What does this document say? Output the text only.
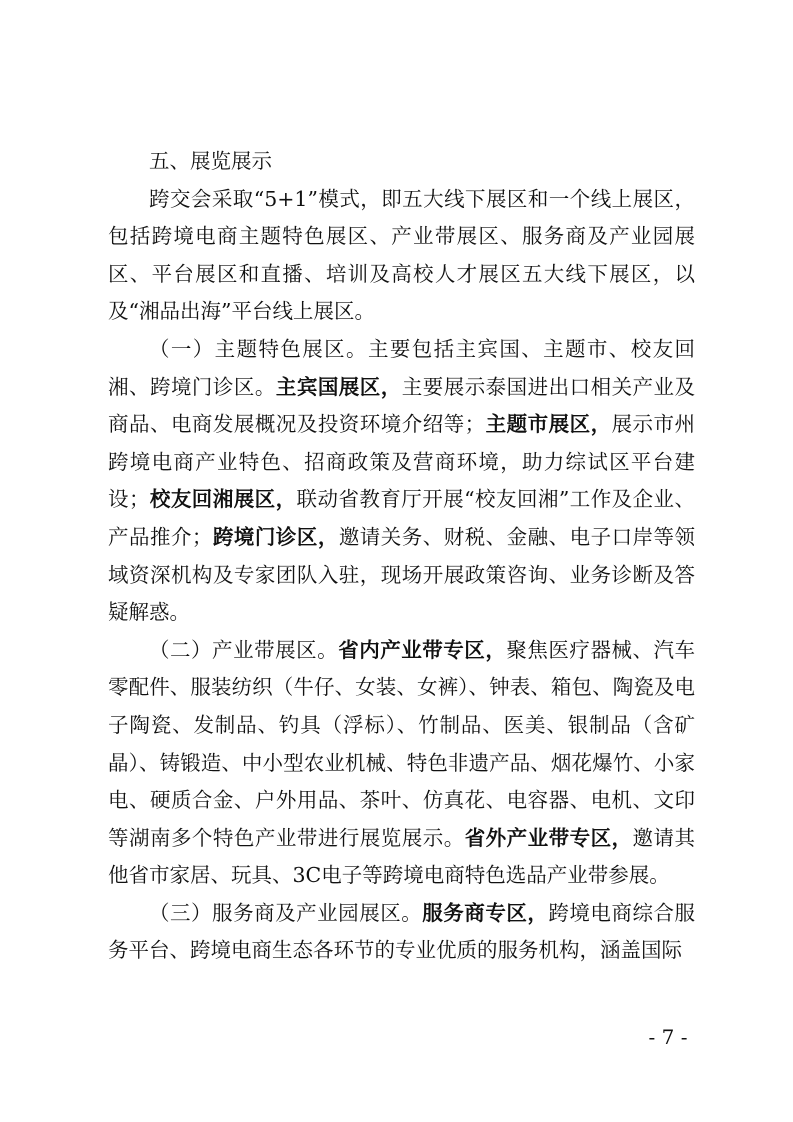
五、展览展示

跨交会采取“5+1”模式，即五大线下展区和一个线上展区，包括跨境电商主题特色展区、产业带展区、服务商及产业园展区、平台展区和直播、培训及高校人才展区五大线下展区，以及“湘品出海”平台线上展区。

（一）主题特色展区。主要包括主宾国、主题市、校友回湘、跨境门诊区。主宾国展区，主要展示泰国进出口相关产业及商品、电商发展概况及投资环境介绍等；主题市展区，展示市州跨境电商产业特色、招商政策及营商环境，助力综试区平台建设；校友回湘展区，联动省教育厅开展“校友回湘”工作及企业、产品推介；跨境门诊区，邀请关务、财税、金融、电子口岸等领域资深机构及专家团队入驻，现场开展政策咨询、业务诊断及答疑解惑。

（二）产业带展区。省内产业带专区，聚焦医疗器械、汽车零配件、服装纺织（牛仔、女装、女裤）、钟表、箱包、陶瓷及电子陶瓷、发制品、钓具（浮标）、竹制品、医美、银制品（含矿晶）、铸锻造、中小型农业机械、特色非遗产品、烟花爆竹、小家电、硬质合金、户外用品、茶叶、仿真花、电容器、电机、文印等湖南多个特色产业带进行展览展示。省外产业带专区，邀请其他省市家居、玩具、3C电子等跨境电商特色选品产业带参展。

（三）服务商及产业园展区。服务商专区，跨境电商综合服务平台、跨境电商生态各环节的专业优质的服务机构，涵盖国际

- 7 -
